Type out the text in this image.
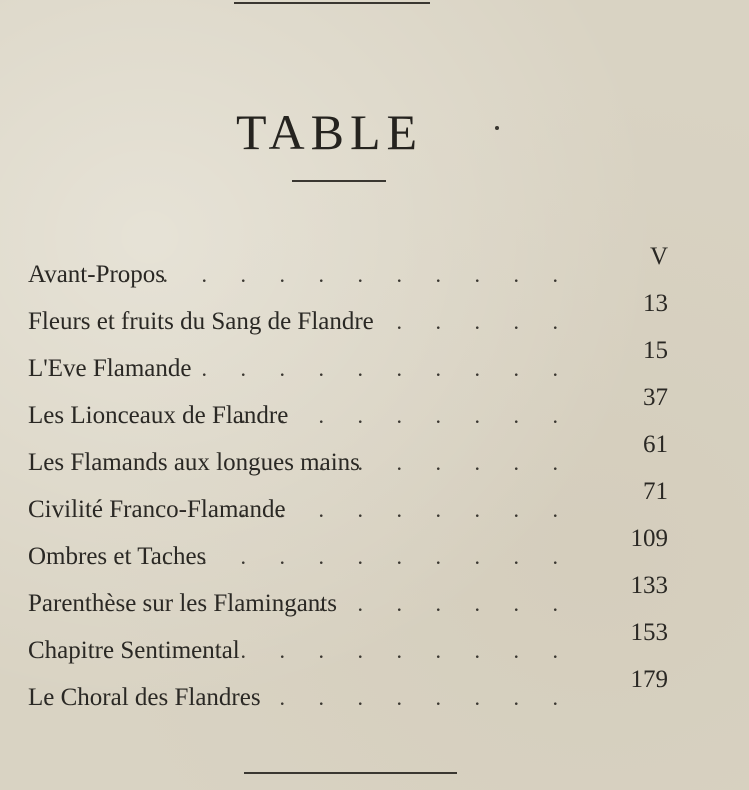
TABLE
Avant-Propos
. . . . . . . . . . . .
V
Fleurs et fruits du Sang de Flandre . . . . .
13
L'Eve Flamande
. . . . . . . . . . .
15
Les Lionceaux de Flandre
. . . . . . . . .
37
Les Flamands aux longues mains
. . . . . . .
61
Civilité Franco-Flamande
. . . . . . . . .
71
Ombres et Taches
. . . . . . . . . . .
109
Parenthèse sur les Flamingants
. . . . . . .
133
Chapitre Sentimental
. . . . . . . . . .
153
Le Choral des Flandres
. . . . . . . . .
179
